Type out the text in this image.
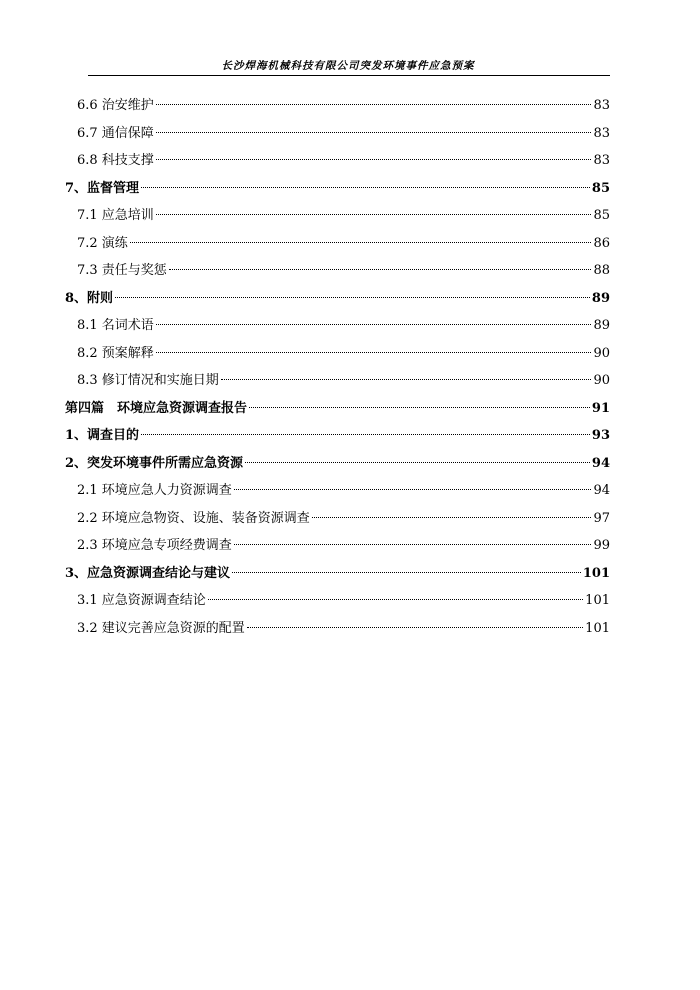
长沙焊海机械科技有限公司突发环境事件应急预案
6.6 治安维护	83
6.7 通信保障	83
6.8 科技支撑	83
7、监督管理	85
7.1 应急培训	85
7.2 演练	86
7.3 责任与奖惩	88
8、附则	89
8.1 名词术语	89
8.2 预案解释	90
8.3 修订情况和实施日期	90
第四篇　环境应急资源调查报告	91
1、调查目的	93
2、突发环境事件所需应急资源	94
2.1 环境应急人力资源调查	94
2.2 环境应急物资、设施、装备资源调查	97
2.3 环境应急专项经费调查	99
3、应急资源调查结论与建议	101
3.1 应急资源调查结论	101
3.2 建议完善应急资源的配置	101
